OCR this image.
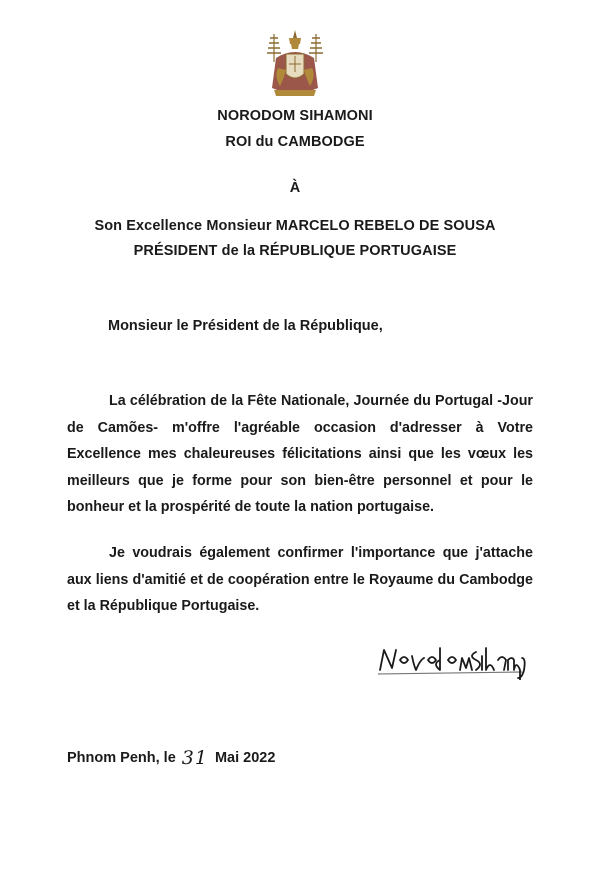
NORODOM SIHAMONI
ROI du CAMBODGE
À
Son Excellence Monsieur MARCELO REBELO DE SOUSA
PRÉSIDENT de la RÉPUBLIQUE PORTUGAISE
Monsieur le Président de la République,

La célébration de la Fête Nationale, Journée du Portugal -Jour de Camões- m'offre l'agréable occasion d'adresser à Votre Excellence mes chaleureuses félicitations ainsi que les vœux les meilleurs que je forme pour son bien-être personnel et pour le bonheur et la prospérité de toute la nation portugaise.

Je voudrais également confirmer l'importance que j'attache aux liens d'amitié et de coopération entre le Royaume du Cambodge et la République Portugaise.

Phnom Penh, le 31 Mai 2022
